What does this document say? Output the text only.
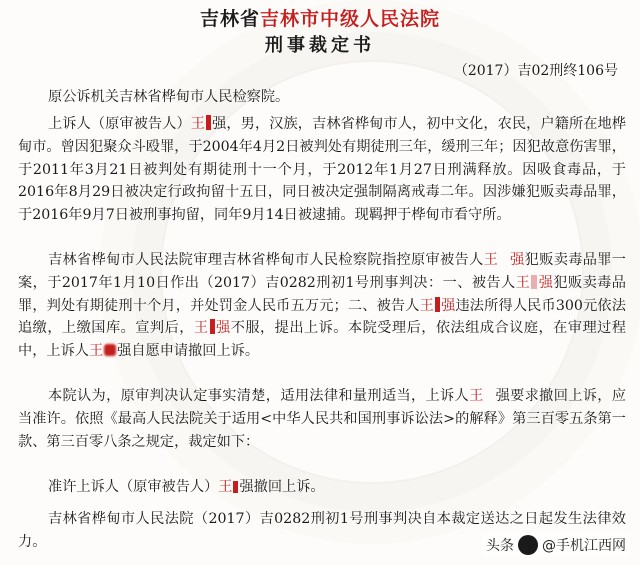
吉林省吉林市中级人民法院
刑事裁定书
（2017）吉02刑终106号

原公诉机关吉林省桦甸市人民检察院。

上诉人（原审被告人）王 强，男，汉族，吉林省桦甸市人，初中文化，农民，户籍所在地桦甸市。曾因犯聚众斗殴罪，于2004年4月2日被判处有期徒刑三年，缓刑三年；因犯故意伤害罪，于2011年3月21日被判处有期徒刑十一个月，于2012年1月27日刑满释放。因吸食毒品，于2016年8月29日被决定行政拘留十五日，同日被决定强制隔离戒毒二年。因涉嫌犯贩卖毒品罪，于2016年9月7日被刑事拘留，同年9月14日被逮捕。现羁押于桦甸市看守所。

吉林省桦甸市人民法院审理吉林省桦甸市人民检察院指控原审被告人王 强犯贩卖毒品罪一案，于2017年1月10日作出（2017）吉0282刑初1号刑事判决：一、被告人王 强犯贩卖毒品罪，判处有期徒刑十个月，并处罚金人民币五万元；二、被告人王 强违法所得人民币300元依法追缴，上缴国库。宣判后，王 强不服，提出上诉。本院受理后，依法组成合议庭，在审理过程中，上诉人王 强自愿申请撤回上诉。

本院认为，原审判决认定事实清楚，适用法律和量刑适当，上诉人王 强要求撤回上诉，应当准许。依照《最高人民法院关于适用<中华人民共和国刑事诉讼法>的解释》第三百零五条第一款、第三百零八条之规定，裁定如下：

准许上诉人（原审被告人）王 强撤回上诉。

吉林省桦甸市人民法院（2017）吉0282刑初1号刑事判决自本裁定送达之日起发生法律效力。	头条 @手机江西网
